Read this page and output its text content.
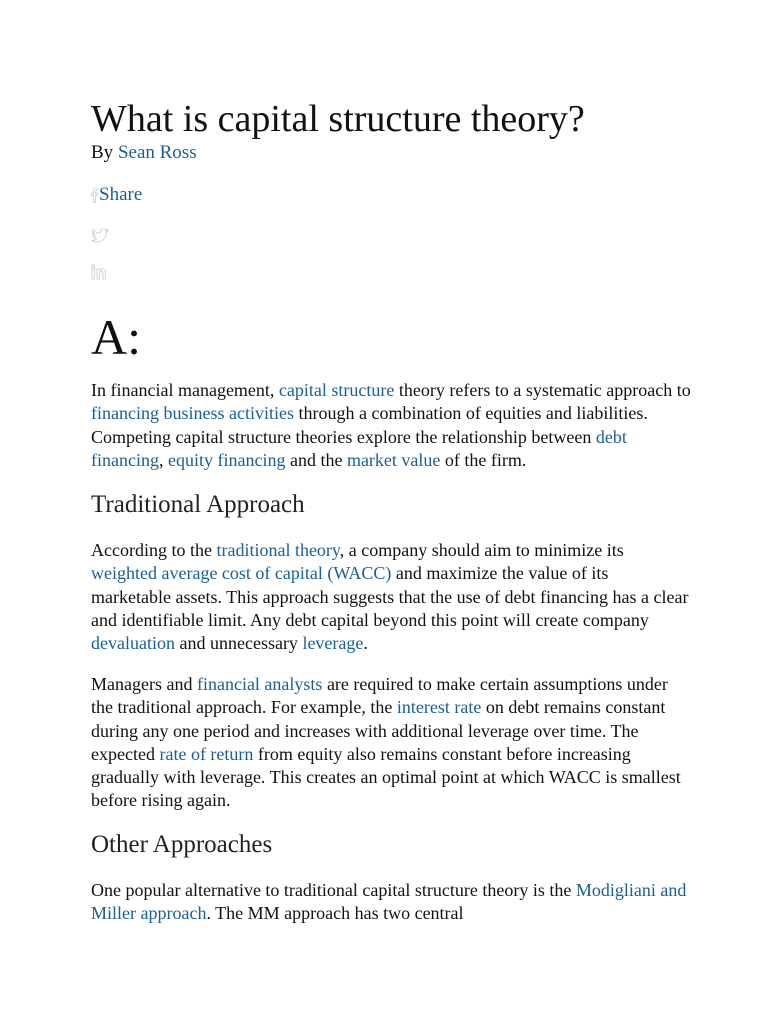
What is capital structure theory?
By Sean Ross
Share
A:

In financial management, capital structure theory refers to a systematic approach to financing business activities through a combination of equities and liabilities. Competing capital structure theories explore the relationship between debt financing, equity financing and the market value of the firm.

Traditional Approach

According to the traditional theory, a company should aim to minimize its weighted average cost of capital (WACC) and maximize the value of its marketable assets. This approach suggests that the use of debt financing has a clear and identifiable limit. Any debt capital beyond this point will create company devaluation and unnecessary leverage.

Managers and financial analysts are required to make certain assumptions under the traditional approach. For example, the interest rate on debt remains constant during any one period and increases with additional leverage over time. The expected rate of return from equity also remains constant before increasing gradually with leverage. This creates an optimal point at which WACC is smallest before rising again.

Other Approaches

One popular alternative to traditional capital structure theory is the Modigliani and Miller approach. The MM approach has two central
